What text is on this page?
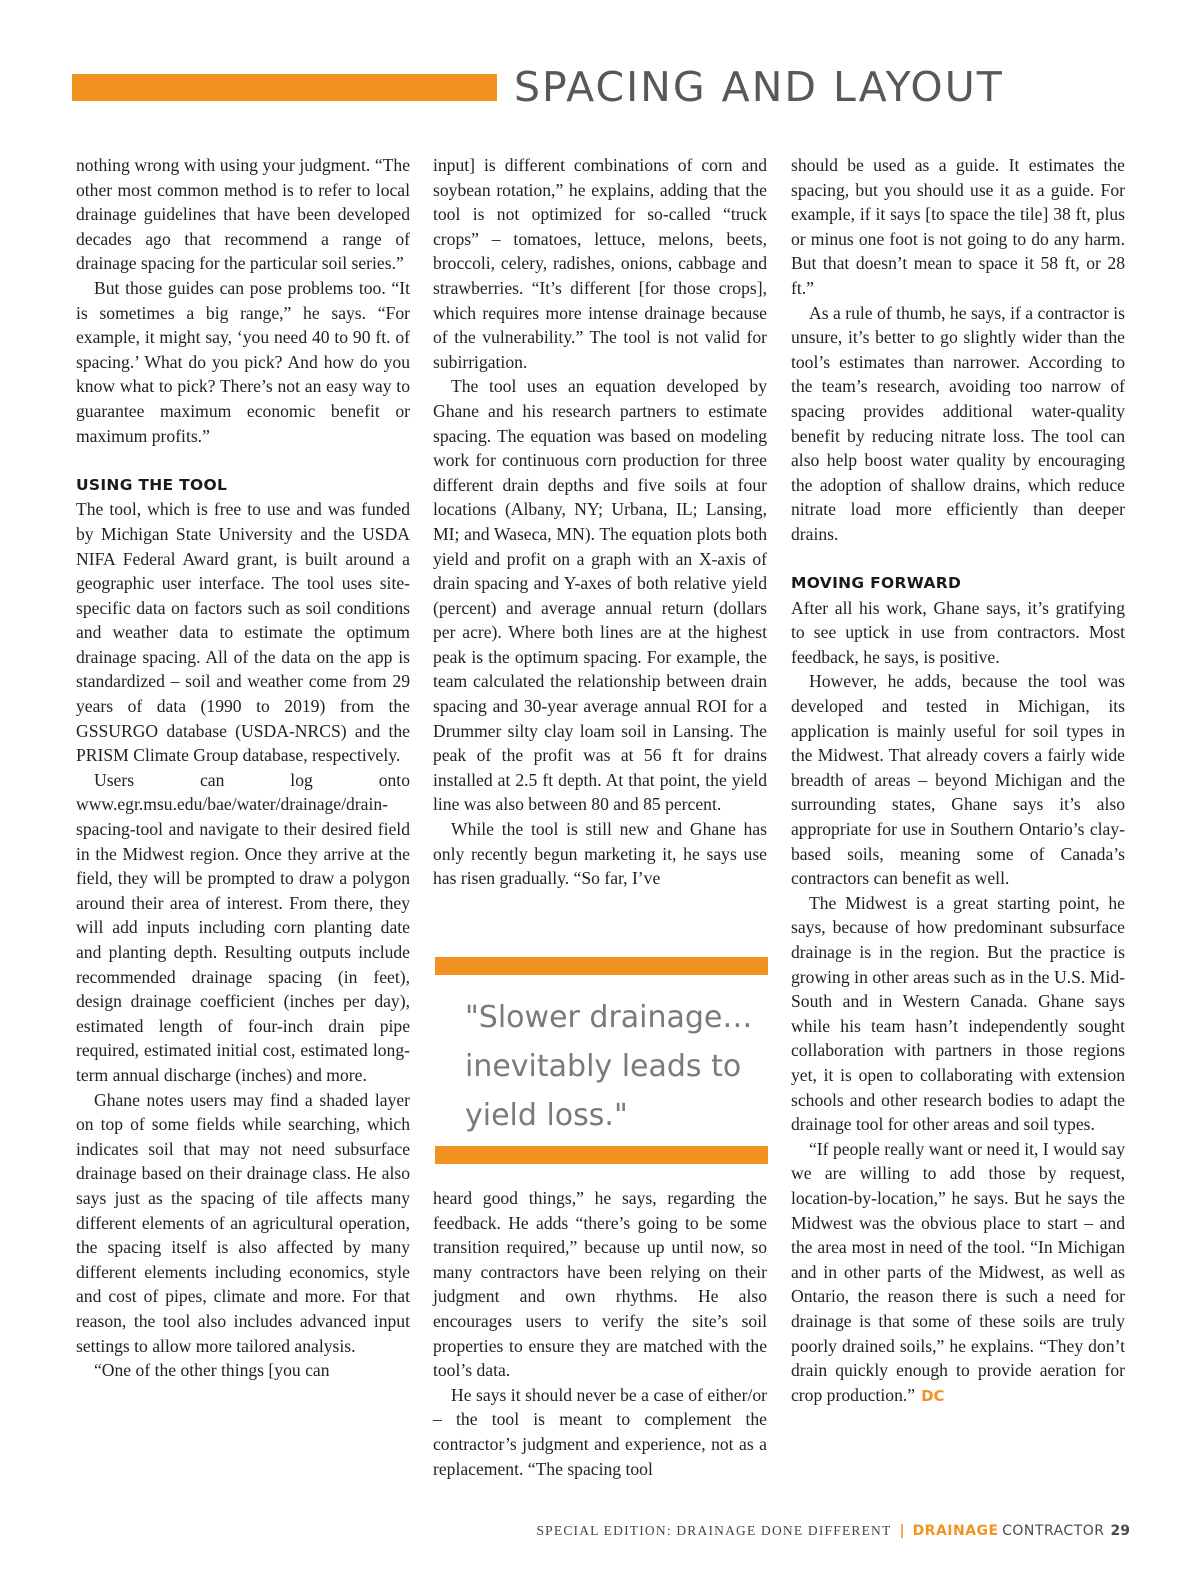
SPACING AND LAYOUT

nothing wrong with using your judgment. “The other most common method is to refer to local drainage guidelines that have been developed decades ago that recommend a range of drainage spacing for the particular soil series.”

But those guides can pose problems too. “It is sometimes a big range,” he says. “For example, it might say, ‘you need 40 to 90 ft. of spacing.’ What do you pick? And how do you know what to pick? There’s not an easy way to guarantee maximum economic benefit or maximum profits.”

USING THE TOOL

The tool, which is free to use and was funded by Michigan State University and the USDA NIFA Federal Award grant, is built around a geographic user interface. The tool uses site-specific data on factors such as soil conditions and weather data to estimate the optimum drainage spacing. All of the data on the app is standardized – soil and weather come from 29 years of data (1990 to 2019) from the GSSURGO database (USDA-NRCS) and the PRISM Climate Group database, respectively.

Users can log onto www.egr.msu.edu/bae/water/drainage/drain-spacing-tool and navigate to their desired field in the Midwest region. Once they arrive at the field, they will be prompted to draw a polygon around their area of interest. From there, they will add inputs including corn planting date and planting depth. Resulting outputs include recommended drainage spacing (in feet), design drainage coefficient (inches per day), estimated length of four-inch drain pipe required, estimated initial cost, estimated long-term annual discharge (inches) and more.

Ghane notes users may find a shaded layer on top of some fields while searching, which indicates soil that may not need subsurface drainage based on their drainage class. He also says just as the spacing of tile affects many different elements of an agricultural operation, the spacing itself is also affected by many different elements including economics, style and cost of pipes, climate and more. For that reason, the tool also includes advanced input settings to allow more tailored analysis.

“One of the other things [you can

input] is different combinations of corn and soybean rotation,” he explains, adding that the tool is not optimized for so-called “truck crops” – tomatoes, lettuce, melons, beets, broccoli, celery, radishes, onions, cabbage and strawberries. “It’s different [for those crops], which requires more intense drainage because of the vulnerability.” The tool is not valid for subirrigation.

The tool uses an equation developed by Ghane and his research partners to estimate spacing. The equation was based on modeling work for continuous corn production for three different drain depths and five soils at four locations (Albany, NY; Urbana, IL; Lansing, MI; and Waseca, MN). The equation plots both yield and profit on a graph with an X-axis of drain spacing and Y-axes of both relative yield (percent) and average annual return (dollars per acre). Where both lines are at the highest peak is the optimum spacing. For example, the team calculated the relationship between drain spacing and 30-year average annual ROI for a Drummer silty clay loam soil in Lansing. The peak of the profit was at 56 ft for drains installed at 2.5 ft depth. At that point, the yield line was also between 80 and 85 percent.

While the tool is still new and Ghane has only recently begun marketing it, he says use has risen gradually. “So far, I’ve

"Slower drainage… inevitably leads to yield loss."

heard good things,” he says, regarding the feedback. He adds “there’s going to be some transition required,” because up until now, so many contractors have been relying on their judgment and own rhythms. He also encourages users to verify the site’s soil properties to ensure they are matched with the tool’s data.

He says it should never be a case of either/or – the tool is meant to complement the contractor’s judgment and experience, not as a replacement. “The spacing tool

should be used as a guide. It estimates the spacing, but you should use it as a guide. For example, if it says [to space the tile] 38 ft, plus or minus one foot is not going to do any harm. But that doesn’t mean to space it 58 ft, or 28 ft.”

As a rule of thumb, he says, if a contractor is unsure, it’s better to go slightly wider than the tool’s estimates than narrower. According to the team’s research, avoiding too narrow of spacing provides additional water-quality benefit by reducing nitrate loss. The tool can also help boost water quality by encouraging the adoption of shallow drains, which reduce nitrate load more efficiently than deeper drains.

MOVING FORWARD

After all his work, Ghane says, it’s gratifying to see uptick in use from contractors. Most feedback, he says, is positive.

However, he adds, because the tool was developed and tested in Michigan, its application is mainly useful for soil types in the Midwest. That already covers a fairly wide breadth of areas – beyond Michigan and the surrounding states, Ghane says it’s also appropriate for use in Southern Ontario’s clay-based soils, meaning some of Canada’s contractors can benefit as well.

The Midwest is a great starting point, he says, because of how predominant subsurface drainage is in the region. But the practice is growing in other areas such as in the U.S. Mid-South and in Western Canada. Ghane says while his team hasn’t independently sought collaboration with partners in those regions yet, it is open to collaborating with extension schools and other research bodies to adapt the drainage tool for other areas and soil types.

“If people really want or need it, I would say we are willing to add those by request, location-by-location,” he says. But he says the Midwest was the obvious place to start – and the area most in need of the tool. “In Michigan and in other parts of the Midwest, as well as Ontario, the reason there is such a need for drainage is that some of these soils are truly poorly drained soils,” he explains. “They don’t drain quickly enough to provide aeration for crop production.” DC

SPECIAL EDITION: DRAINAGE DONE DIFFERENT | DRAINAGE CONTRACTOR 29
